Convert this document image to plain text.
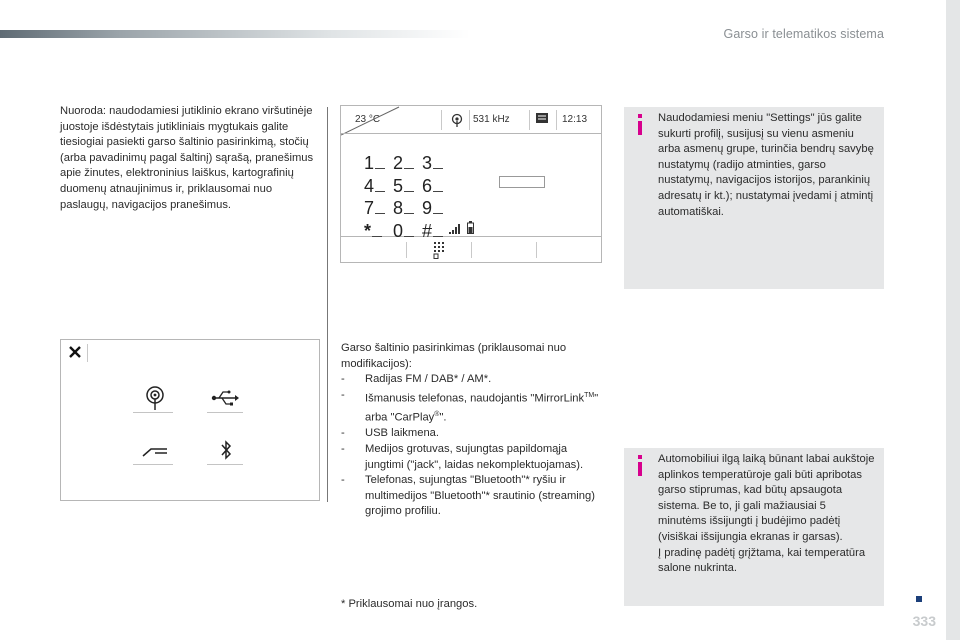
Garso ir telematikos sistema
Nuoroda: naudodamiesi jutiklinio ekrano viršutinėje juostoje išdėstytais jutikliniais mygtukais galite tiesiogiai pasiekti garso šaltinio pasirinkimą, stočių (arba pavadinimų pagal šaltinį) sąrašą, pranešimus apie žinutes, elektroninius laiškus, kartografinių duomenų atnaujinimus ir, priklausomai nuo paslaugų, navigacijos pranešimus.
23 °C	531 kHz	12:13
1 2 3
4 5 6
7 8 9
* 0 #
Garso šaltinio pasirinkimas (priklausomai nuo modifikacijos):
- Radijas FM / DAB* / AM*.
- Išmanusis telefonas, naudojantis "MirrorLink™" arba "CarPlay®".
- USB laikmena.
- Medijos grotuvas, sujungtas papildomąja jungtimi ("jack", laidas nekomplektuojamas).
- Telefonas, sujungtas "Bluetooth"* ryšiu ir multimedijos "Bluetooth"* srautinio (streaming) grojimo profiliu.
* Priklausomai nuo įrangos.
Naudodamiesi meniu "Settings" jūs galite sukurti profilį, susijusį su vienu asmeniu arba asmenų grupe, turinčia bendrų savybę nustatymų (radijo atminties, garso nustatymų, navigacijos istorijos, parankinių adresatų ir kt.); nustatymai įvedami į atmintį automatiškai.
Automobiliui ilgą laiką būnant labai aukštoje aplinkos temperatūroje gali būti apribotas garso stiprumas, kad būtų apsaugota sistema. Be to, ji gali mažiausiai 5 minutėms išsijungti į budėjimo padėtį (visiškai išsijungia ekranas ir garsas).
Į pradinę padėtį grįžtama, kai temperatūra salone nukrinta.
333
